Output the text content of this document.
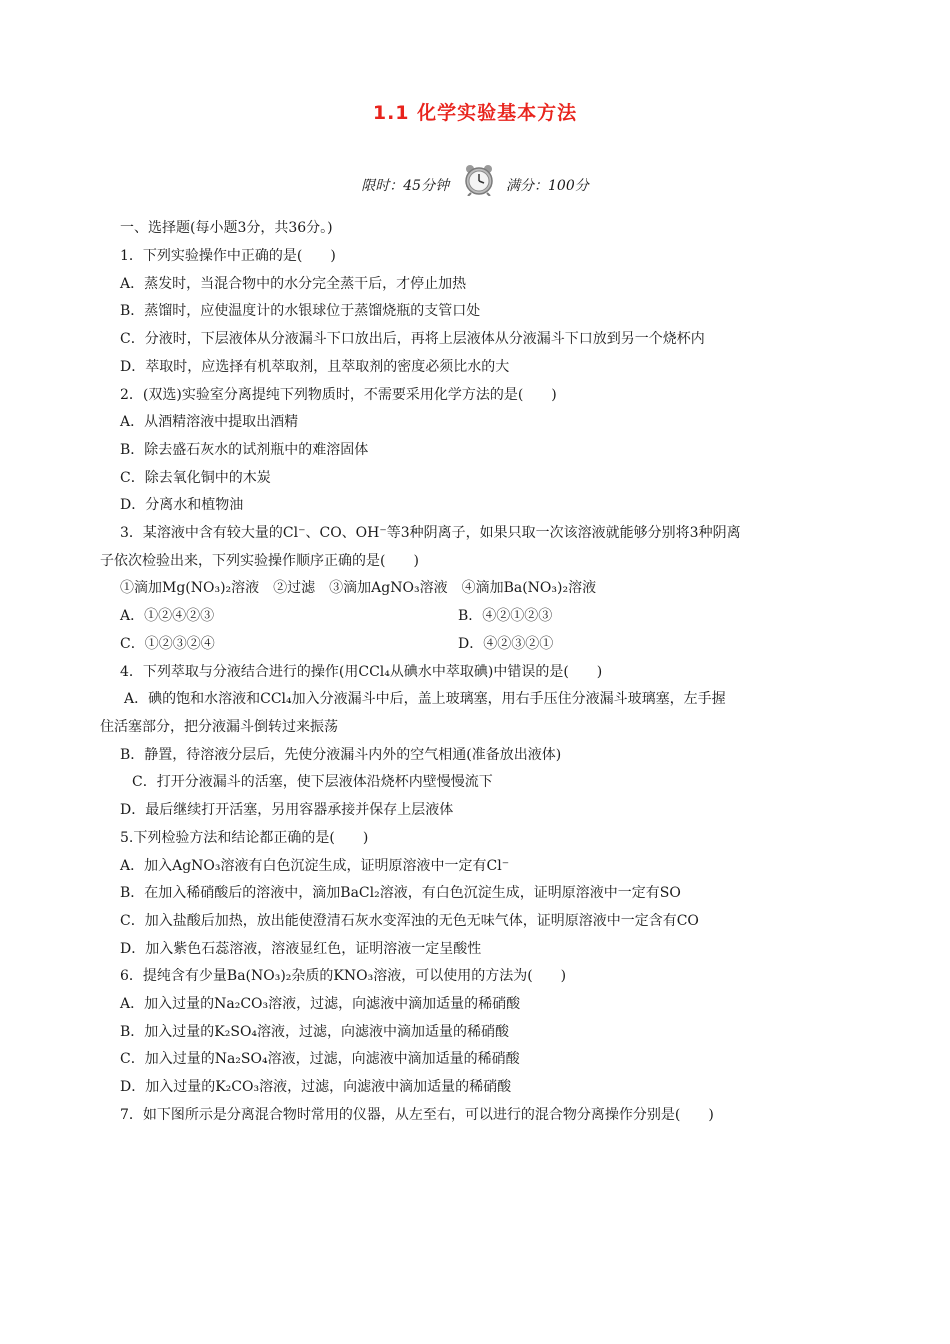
1.1 化学实验基本方法
限时：45分钟	满分：100分
一、选择题(每小题3分，共36分。)
1．下列实验操作中正确的是(　　)
A．蒸发时，当混合物中的水分完全蒸干后，才停止加热
B．蒸馏时，应使温度计的水银球位于蒸馏烧瓶的支管口处
C．分液时，下层液体从分液漏斗下口放出后，再将上层液体从分液漏斗下口放到另一个烧杯内
D．萃取时，应选择有机萃取剂，且萃取剂的密度必须比水的大
2．(双选)实验室分离提纯下列物质时，不需要采用化学方法的是(　　)
A．从酒精溶液中提取出酒精
B．除去盛石灰水的试剂瓶中的难溶固体
C．除去氧化铜中的木炭
D．分离水和植物油
3．某溶液中含有较大量的Cl⁻、CO、OH⁻等3种阴离子，如果只取一次该溶液就能够分别将3种阴离
子依次检验出来，下列实验操作顺序正确的是(　　)
①滴加Mg(NO₃)₂溶液　②过滤　③滴加AgNO₃溶液　④滴加Ba(NO₃)₂溶液
A．①②④②③	B．④②①②③
C．①②③②④	D．④②③②①
4．下列萃取与分液结合进行的操作(用CCl₄从碘水中萃取碘)中错误的是(　　)
A．碘的饱和水溶液和CCl₄加入分液漏斗中后，盖上玻璃塞，用右手压住分液漏斗玻璃塞，左手握
住活塞部分，把分液漏斗倒转过来振荡
B．静置，待溶液分层后，先使分液漏斗内外的空气相通(准备放出液体)
C．打开分液漏斗的活塞，使下层液体沿烧杯内壁慢慢流下
D．最后继续打开活塞，另用容器承接并保存上层液体
5.下列检验方法和结论都正确的是(　　)
A．加入AgNO₃溶液有白色沉淀生成，证明原溶液中一定有Cl⁻
B．在加入稀硝酸后的溶液中，滴加BaCl₂溶液，有白色沉淀生成，证明原溶液中一定有SO
C．加入盐酸后加热，放出能使澄清石灰水变浑浊的无色无味气体，证明原溶液中一定含有CO
D．加入紫色石蕊溶液，溶液显红色，证明溶液一定呈酸性
6．提纯含有少量Ba(NO₃)₂杂质的KNO₃溶液，可以使用的方法为(　　)
A．加入过量的Na₂CO₃溶液，过滤，向滤液中滴加适量的稀硝酸
B．加入过量的K₂SO₄溶液，过滤，向滤液中滴加适量的稀硝酸
C．加入过量的Na₂SO₄溶液，过滤，向滤液中滴加适量的稀硝酸
D．加入过量的K₂CO₃溶液，过滤，向滤液中滴加适量的稀硝酸
7．如下图所示是分离混合物时常用的仪器，从左至右，可以进行的混合物分离操作分别是(　　)
